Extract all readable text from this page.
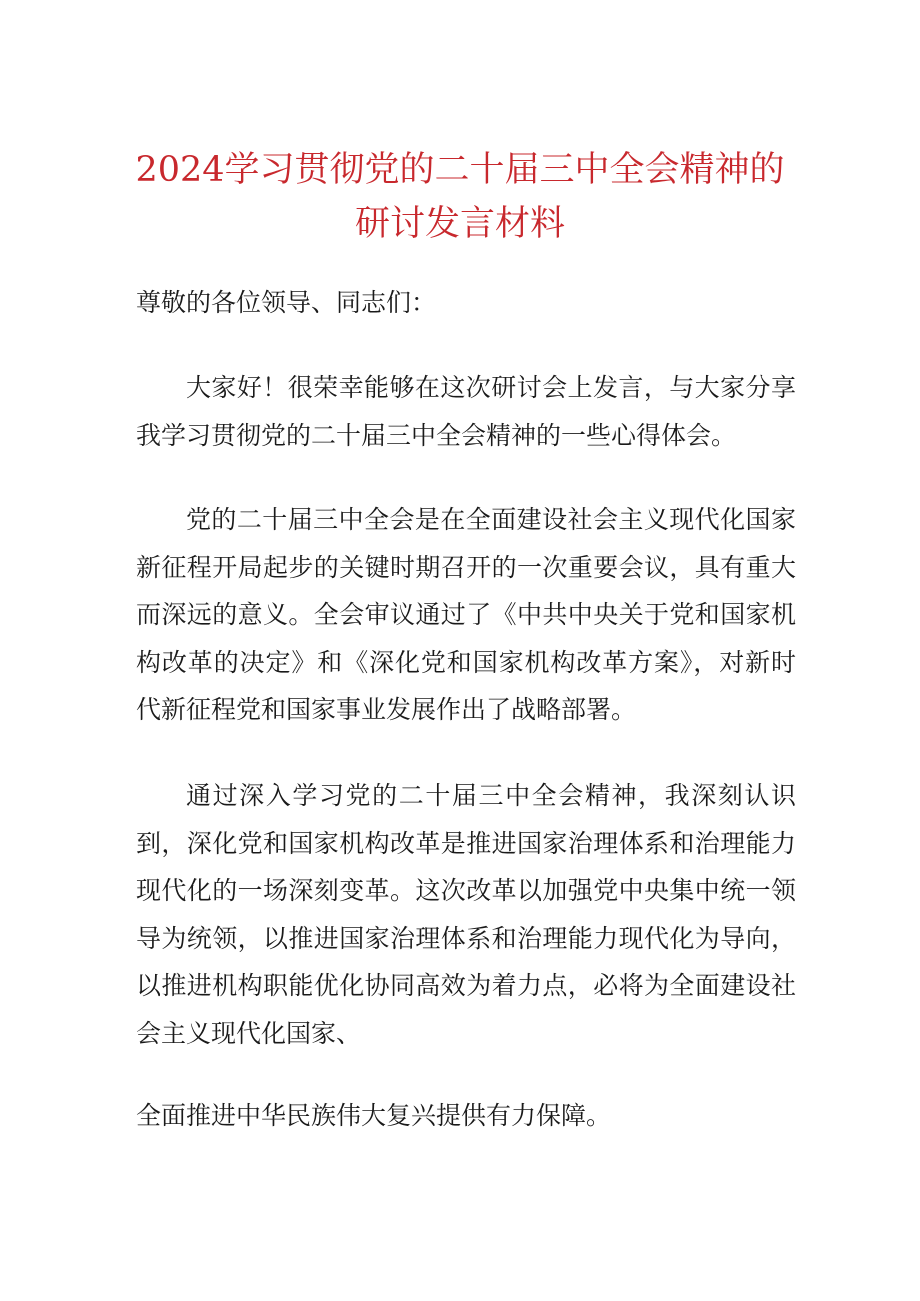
2024学习贯彻党的二十届三中全会精神的研讨发言材料

尊敬的各位领导、同志们：

大家好！很荣幸能够在这次研讨会上发言，与大家分享我学习贯彻党的二十届三中全会精神的一些心得体会。

党的二十届三中全会是在全面建设社会主义现代化国家新征程开局起步的关键时期召开的一次重要会议，具有重大而深远的意义。全会审议通过了《中共中央关于党和国家机构改革的决定》和《深化党和国家机构改革方案》，对新时代新征程党和国家事业发展作出了战略部署。

通过深入学习党的二十届三中全会精神，我深刻认识到，深化党和国家机构改革是推进国家治理体系和治理能力现代化的一场深刻变革。这次改革以加强党中央集中统一领导为统领，以推进国家治理体系和治理能力现代化为导向，以推进机构职能优化协同高效为着力点，必将为全面建设社会主义现代化国家、

全面推进中华民族伟大复兴提供有力保障。
